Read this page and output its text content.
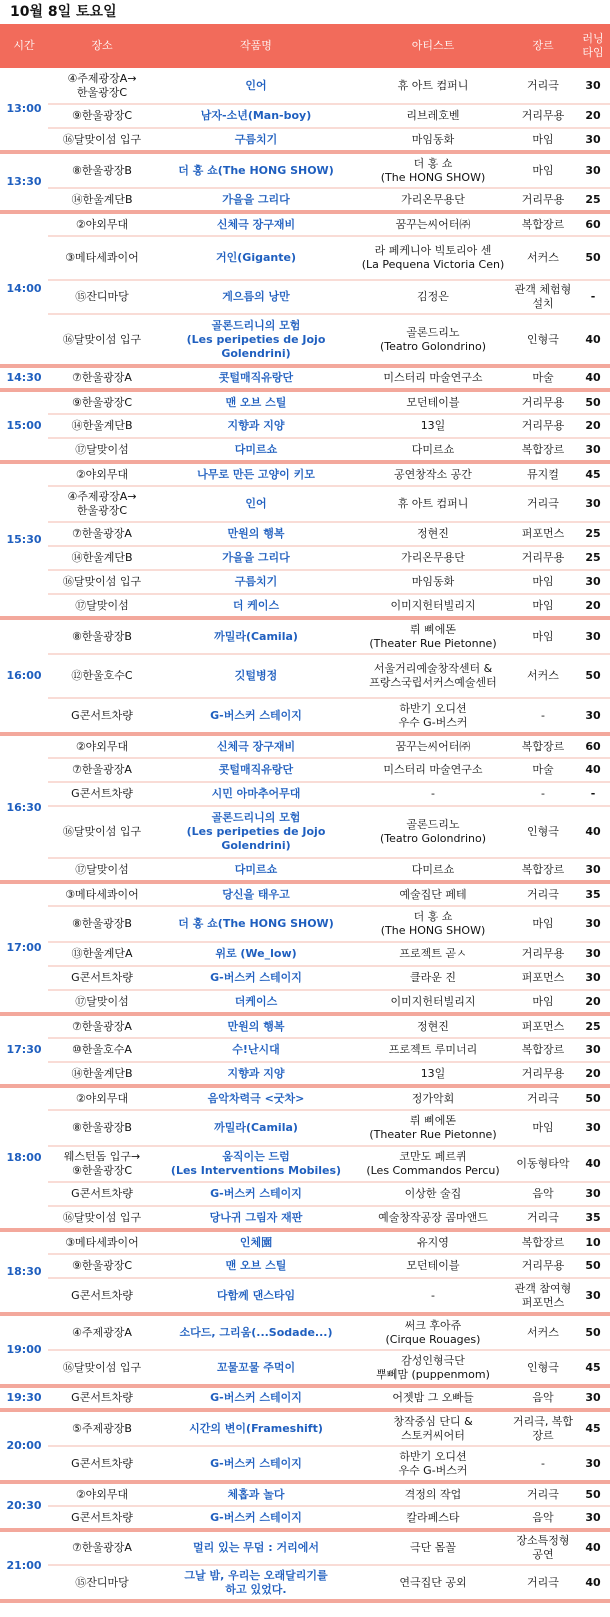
10월 8일 토요일
시간	장소	작품명	아티스트	장르	러닝타임
13:00	④주제광장A→
한울광장C	인어	휴 아트 컴퍼니	거리극	30
	⑨한울광장C	남자-소년(Man-boy)	리브레호벤	거리무용	20
	⑯달맞이섬 입구	구름치기	마임동화	마임	30
13:30	⑧한울광장B	더 홍 쇼(The HONG SHOW)	더 홍 쇼
(The HONG SHOW)	마임	30
	⑭한울계단B	가을을 그리다	가리온무용단	거리무용	25
14:00	②야외무대	신체극 장구재비	꿈꾸는씨어터㈜	복합장르	60
	③메타세콰이어	거인(Gigante)	라 페케니아 빅토리아 센
(La Pequena Victoria Cen)	서커스	50
	⑮잔디마당	게으름의 낭만	김정은	관객 체험형 설치	-
	⑯달맞이섬 입구	골론드리니의 모험
(Les peripeties de Jojo
Golendrini)	골론드리노
(Teatro Golondrino)	인형극	40
14:30	⑦한울광장A	콧털매직유랑단	미스터리 마술연구소	마술	40
15:00	⑨한울광장C	맨 오브 스틸	모던테이블	거리무용	50
	⑭한울계단B	지향과 지양	13일	거리무용	20
	⑰달맞이섬	다미르쇼	다미르쇼	복합장르	30
15:30	②야외무대	나무로 만든 고양이 키모	공연창작소 공간	뮤지컬	45
	④주제광장A→
한울광장C	인어	휴 아트 컴퍼니	거리극	30
	⑦한울광장A	만원의 행복	정현진	퍼포먼스	25
	⑭한울계단B	가을을 그리다	가리온무용단	거리무용	25
	⑯달맞이섬 입구	구름치기	마임동화	마임	30
	⑰달맞이섬	더 케이스	이미지헌터빌리지	마임	20
16:00	⑧한울광장B	까밀라(Camila)	뤼 삐에똔
(Theater Rue Pietonne)	마임	30
	⑫한울호수C	깃털병정	서울거리예술창작센터 &
프랑스국립서커스예술센터	서커스	50
	G콘서트차량	G-버스커 스테이지	하반기 오디션
우수 G-버스커	-	30
16:30	②야외무대	신체극 장구재비	꿈꾸는씨어터㈜	복합장르	60
	⑦한울광장A	콧털매직유랑단	미스터리 마술연구소	마술	40
	G콘서트차량	시민 아마추어무대	-	-	-
	⑯달맞이섬 입구	골론드리니의 모험
(Les peripeties de Jojo
Golendrini)	골론드리노
(Teatro Golondrino)	인형극	40
	⑰달맞이섬	다미르쇼	다미르쇼	복합장르	30
17:00	③메타세콰이어	당신을 태우고	예술집단 페테	거리극	35
	⑧한울광장B	더 홍 쇼(The HONG SHOW)	더 홍 쇼
(The HONG SHOW)	마임	30
	⑬한울계단A	위로 (We_low)	프로젝트 곧ㅅ	거리무용	30
	G콘서트차량	G-버스커 스테이지	클라운 진	퍼포먼스	30
	⑰달맞이섬	더케이스	이미지헌터빌리지	마임	20
17:30	⑦한울광장A	만원의 행복	정현진	퍼포먼스	25
	⑩한울호수A	수!난시대	프로젝트 루미너리	복합장르	30
	⑭한울계단B	지향과 지양	13일	거리무용	20
18:00	②야외무대	음악차력극 <굿차>	정가악회	거리극	50
	⑧한울광장B	까밀라(Camila)	뤼 삐에똔
(Theater Rue Pietonne)	마임	30
	웨스턴돔 입구→
⑨한울광장C	움직이는 드럼
(Les Interventions Mobiles)	코만도 페르퀴
(Les Commandos Percu)	이동형타악	40
	G콘서트차량	G-버스커 스테이지	이상한 술집	음악	30
	⑯달맞이섬 입구	당나귀 그림자 재판	예술창작공장 콤마앤드	거리극	35
18:30	③메타세콰이어	인체園	유지영	복합장르	10
	⑨한울광장C	맨 오브 스틸	모던테이블	거리무용	50
	G콘서트차량	다함께 댄스타임	-	관객 참여형
퍼포먼스	30
19:00	④주제광장A	소다드, 그리움(...Sodade...)	써크 후아쥬
(Cirque Rouages)	서커스	50
	⑯달맞이섬 입구	꼬물꼬물 주먹이	감성인형극단
뿌뻬맘 (puppenmom)	인형극	45
19:30	G콘서트차량	G-버스커 스테이지	어젯밤 그 오빠들	음악	30
20:00	⑤주제광장B	시간의 변이(Frameshift)	창작중심 단디 &
스토커씨어터	거리극, 복합장르	45
	G콘서트차량	G-버스커 스테이지	하반기 오디션
우수 G-버스커	-	30
20:30	②야외무대	체홉과 놀다	격정의 작업	거리극	50
	G콘서트차량	G-버스커 스테이지	칼라페스타	음악	30
21:00	⑦한울광장A	멀리 있는 무덤 : 거리에서	극단 몸꼴	장소특정형 공연	40
	⑮잔디마당	그날 밤, 우리는 오래달리기를
하고 있었다.	연극집단 공외	거리극	40
